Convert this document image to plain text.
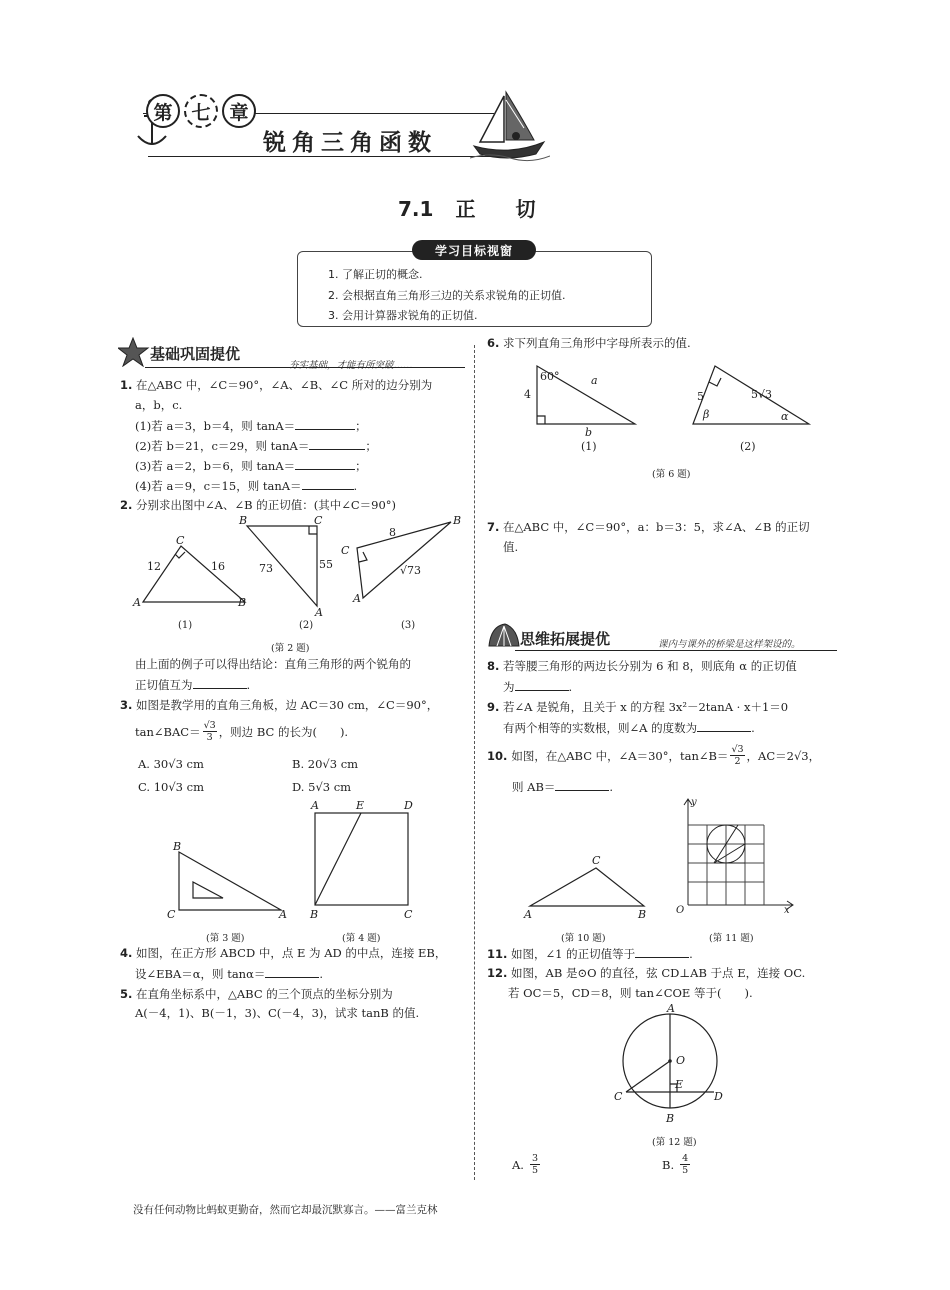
第 七 章
锐角三角函数
7.1 正 切
学习目标视窗
1. 了解正切的概念.
2. 会根据直角三角形三边的关系求锐角的正切值.
3. 会用计算器求锐角的正切值.
基础巩固提优
夯实基础，才能有所突破……
1. 在△ABC 中，∠C＝90°，∠A、∠B、∠C 所对的边分别为
a，b，c.
(1)若 a＝3，b＝4，则 tanA＝	；
(2)若 b＝21，c＝29，则 tanA＝	；
(3)若 a＝2，b＝6，则 tanA＝	；
(4)若 a＝9，c＝15，则 tanA＝	.
2. 分别求出图中∠A、∠B 的正切值：(其中∠C＝90°)
C
12	16
A	B
B	C
73	55
A
8
B
C
√73
A
(1)	(2)	(3)
(第 2 题)
由上面的例子可以得出结论：直角三角形的两个锐角的
正切值互为	.
3. 如图是教学用的直角三角板，边 AC＝30 cm，∠C＝90°，
tan∠BAC＝ $\frac{√3}{3}$ ，则边 BC 的长为(　　).
A. 30√3 cm	B. 20√3 cm
C. 10√3 cm	D. 5√3 cm
B
C	A
(第 3 题)
A	E	D
B	C
(第 4 题)
4. 如图，在正方形 ABCD 中，点 E 为 AD 的中点，连接 EB，
设∠EBA＝α，则 tanα＝	.
5. 在直角坐标系中，△ABC 的三个顶点的坐标分别为
A(－4，1)、B(－1，3)、C(－4，3)，试求 tanB 的值.
6. 求下列直角三角形中字母所表示的值.
60°	a
4
b
(1)
5	5√3
β	α
(2)
(第 6 题)
7. 在△ABC 中，∠C＝90°，a：b＝3：5，求∠A、∠B 的正切
值.
思维拓展提优	课内与课外的桥梁是这样架设的。
8. 若等腰三角形的两边长分别为 6 和 8，则底角 α 的正切值
为	.
9. 若∠A 是锐角，且关于 x 的方程 3x²－2tanA · x＋1＝0
有两个相等的实数根，则∠A 的度数为	.
10. 如图，在△ABC 中，∠A＝30°，tan∠B＝ $\frac{√3}{2}$ ，AC＝2√3，
则 AB＝	.
C
A	B
(第 10 题)
y
O	x
(第 11 题)
11. 如图，∠1 的正切值等于	.
12. 如图，AB 是⊙O 的直径，弦 CD⊥AB 于点 E，连接 OC.
若 OC＝5，CD＝8，则 tan∠COE 等于(　　).
A
O
E
C
B
D
(第 12 题)
A. $\frac{3}{5}$	B. $\frac{4}{5}$
没有任何动物比蚂蚁更勤奋，然而它却最沉默寡言。——富兰克林
